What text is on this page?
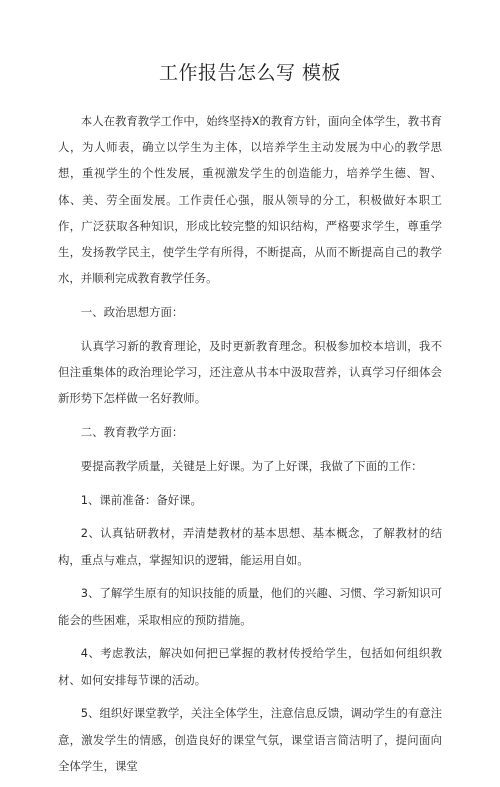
工作报告怎么写 模板

本人在教育教学工作中，始终坚持X的教育方针，面向全体学生，教书育人，为人师表，确立以学生为主体，以培养学生主动发展为中心的教学思想，重视学生的个性发展，重视激发学生的创造能力，培养学生德、智、体、美、劳全面发展。工作责任心强，服从领导的分工，积极做好本职工作，广泛获取各种知识，形成比较完整的知识结构，严格要求学生，尊重学生，发扬教学民主，使学生学有所得，不断提高，从而不断提高自己的教学水，并顺利完成教育教学任务。

一、政治思想方面：

认真学习新的教育理论，及时更新教育理念。积极参加校本培训，我不但注重集体的政治理论学习，还注意从书本中汲取营养，认真学习仔细体会新形势下怎样做一名好教师。

二、教育教学方面：

要提高教学质量，关键是上好课。为了上好课，我做了下面的工作：

1、课前准备：备好课。

2、认真钻研教材，弄清楚教材的基本思想、基本概念，了解教材的结构，重点与难点，掌握知识的逻辑，能运用自如。

3、了解学生原有的知识技能的质量，他们的兴趣、习惯、学习新知识可能会的些困难，采取相应的预防措施。

4、考虑教法，解决如何把已掌握的教材传授给学生，包括如何组织教材、如何安排每节课的活动。

5、组织好课堂教学，关注全体学生，注意信息反馈，调动学生的有意注意，激发学生的情感，创造良好的课堂气氛，课堂语言简洁明了，提问面向全体学生，课堂
